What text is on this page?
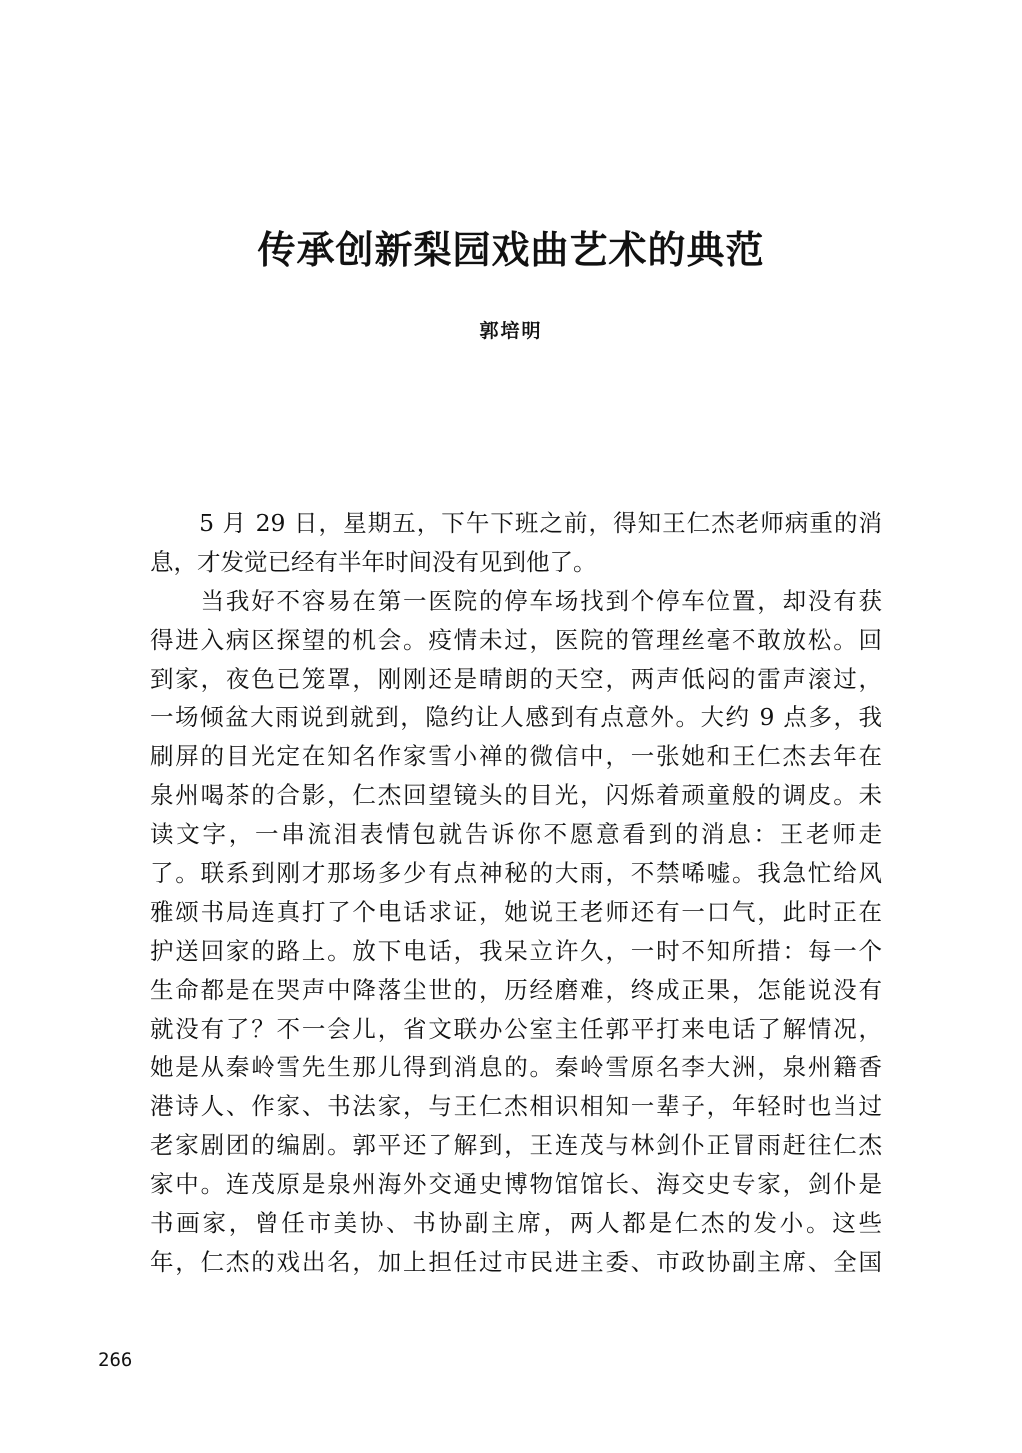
传承创新梨园戏曲艺术的典范
郭培明
　　5 月 29 日，星期五，下午下班之前，得知王仁杰老师病重的消
息，才发觉已经有半年时间没有见到他了。
　　当我好不容易在第一医院的停车场找到个停车位置，却没有获
得进入病区探望的机会。疫情未过，医院的管理丝毫不敢放松。回
到家，夜色已笼罩，刚刚还是晴朗的天空，两声低闷的雷声滚过，
一场倾盆大雨说到就到，隐约让人感到有点意外。大约 9 点多，我
刷屏的目光定在知名作家雪小禅的微信中，一张她和王仁杰去年在
泉州喝茶的合影，仁杰回望镜头的目光，闪烁着顽童般的调皮。未
读文字，一串流泪表情包就告诉你不愿意看到的消息：王老师走
了。联系到刚才那场多少有点神秘的大雨，不禁唏嘘。我急忙给风
雅颂书局连真打了个电话求证，她说王老师还有一口气，此时正在
护送回家的路上。放下电话，我呆立许久，一时不知所措：每一个
生命都是在哭声中降落尘世的，历经磨难，终成正果，怎能说没有
就没有了？不一会儿，省文联办公室主任郭平打来电话了解情况，
她是从秦岭雪先生那儿得到消息的。秦岭雪原名李大洲，泉州籍香
港诗人、作家、书法家，与王仁杰相识相知一辈子，年轻时也当过
老家剧团的编剧。郭平还了解到，王连茂与林剑仆正冒雨赶往仁杰
家中。连茂原是泉州海外交通史博物馆馆长、海交史专家，剑仆是
书画家，曾任市美协、书协副主席，两人都是仁杰的发小。这些
年，仁杰的戏出名，加上担任过市民进主委、市政协副主席、全国
266
